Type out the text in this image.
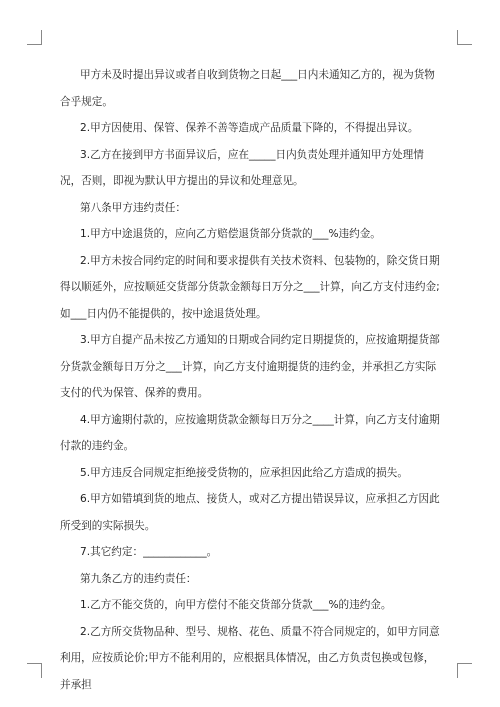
甲方未及时提出异议或者自收到货物之日起___日内未通知乙方的，视为货物合乎规定。

2.甲方因使用、保管、保养不善等造成产品质量下降的，不得提出异议。

3.乙方在接到甲方书面异议后，应在_____日内负责处理并通知甲方处理情况，否则，即视为默认甲方提出的异议和处理意见。

第八条甲方违约责任：

1.甲方中途退货的，应向乙方赔偿退货部分货款的___%违约金。

2.甲方未按合同约定的时间和要求提供有关技术资料、包装物的，除交货日期得以顺延外，应按顺延交货部分货款金额每日万分之___计算，向乙方支付违约金;如___日内仍不能提供的，按中途退货处理。

3.甲方自提产品未按乙方通知的日期或合同约定日期提货的，应按逾期提货部分货款金额每日万分之___计算，向乙方支付逾期提货的违约金，并承担乙方实际支付的代为保管、保养的费用。

4.甲方逾期付款的，应按逾期货款金额每日万分之____计算，向乙方支付逾期付款的违约金。

5.甲方违反合同规定拒绝接受货物的，应承担因此给乙方造成的损失。

6.甲方如错填到货的地点、接货人，或对乙方提出错误异议，应承担乙方因此所受到的实际损失。

7.其它约定：____________。

第九条乙方的违约责任：

1.乙方不能交货的，向甲方偿付不能交货部分货款___%的违约金。

2.乙方所交货物品种、型号、规格、花色、质量不符合同规定的，如甲方同意利用，应按质论价;甲方不能利用的，应根据具体情况，由乙方负责包换或包修，并承担
